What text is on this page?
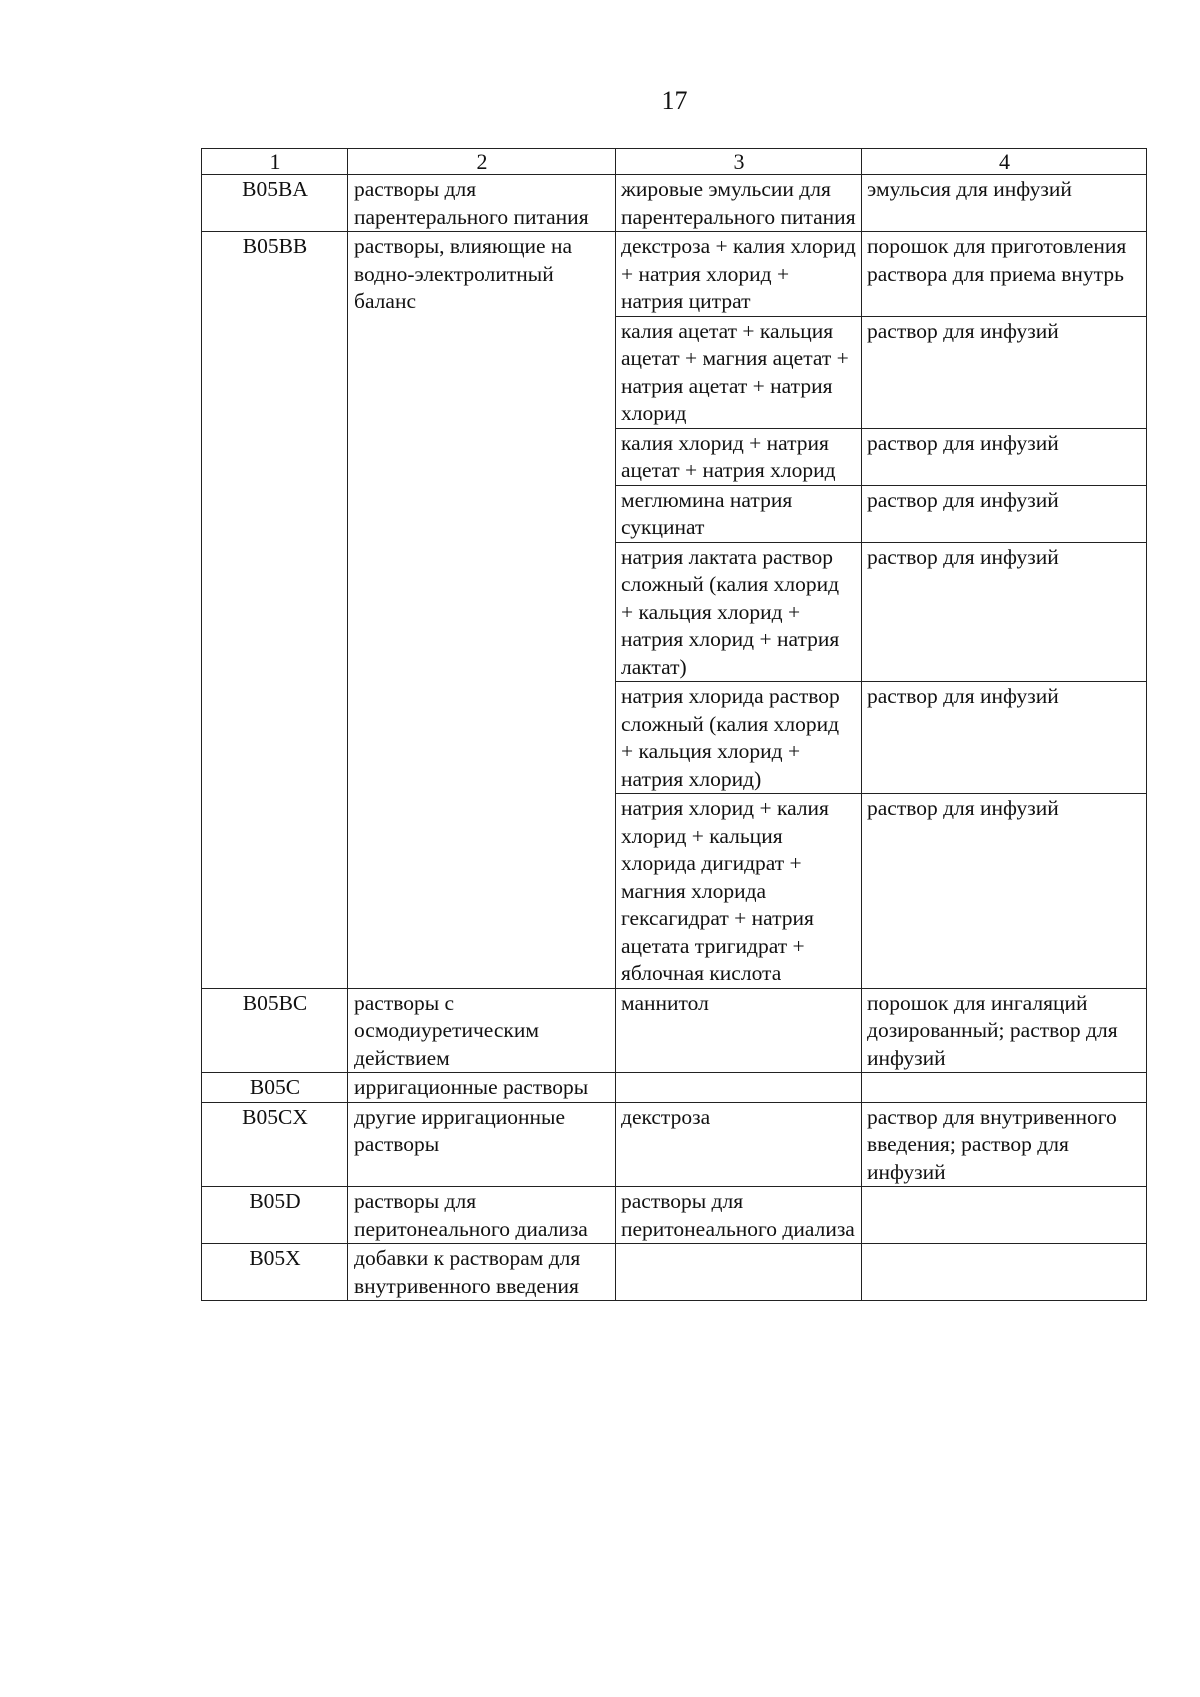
17
1	2	3	4
B05BA	растворы для парентерального питания	жировые эмульсии для парентерального питания	эмульсия для инфузий
B05BB	растворы, влияющие на водно-электролитный баланс	декстроза + калия хлорид + натрия хлорид + натрия цитрат	порошок для приготовления раствора для приема внутрь
		калия ацетат + кальция ацетат + магния ацетат + натрия ацетат + натрия хлорид	раствор для инфузий
		калия хлорид + натрия ацетат + натрия хлорид	раствор для инфузий
		меглюмина натрия сукцинат	раствор для инфузий
		натрия лактата раствор сложный (калия хлорид + кальция хлорид + натрия хлорид + натрия лактат)	раствор для инфузий
		натрия хлорида раствор сложный (калия хлорид + кальция хлорид + натрия хлорид)	раствор для инфузий
		натрия хлорид + калия хлорид + кальция хлорида дигидрат + магния хлорида гексагидрат + натрия ацетата тригидрат + яблочная кислота	раствор для инфузий
B05BC	растворы с осмодиуретическим действием	маннитол	порошок для ингаляций дозированный; раствор для инфузий
B05C	ирригационные растворы		
B05CX	другие ирригационные растворы	декстроза	раствор для внутривенного введения; раствор для инфузий
B05D	растворы для перитонеального диализа	растворы для перитонеального диализа	
B05X	добавки к растворам для внутривенного введения		
